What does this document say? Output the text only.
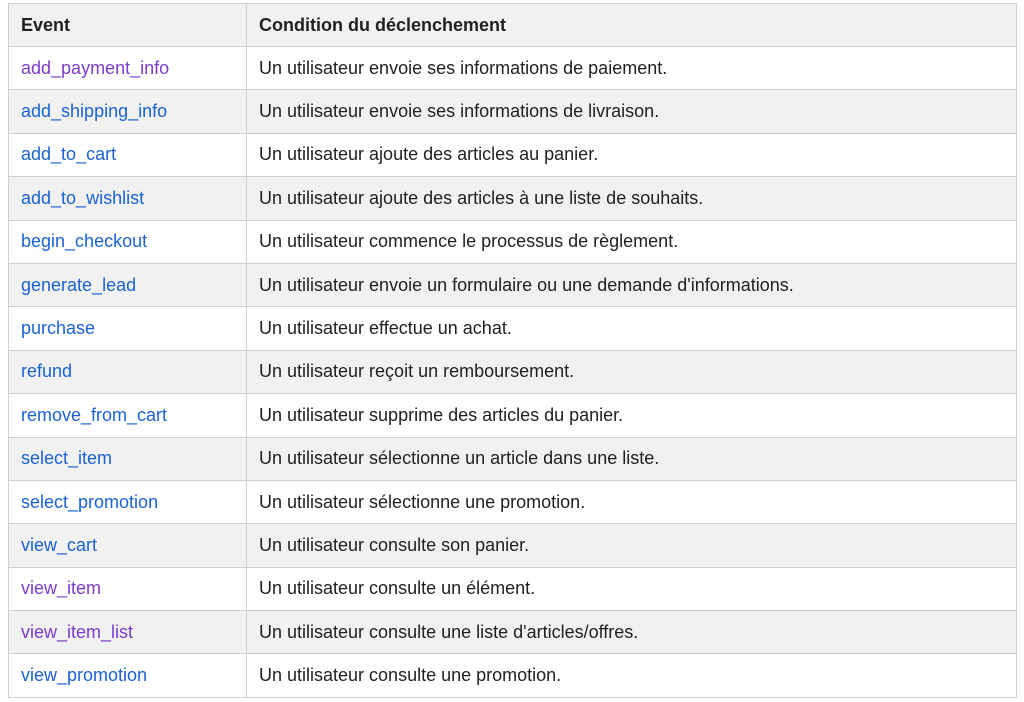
Event	Condition du déclenchement
add_payment_info	Un utilisateur envoie ses informations de paiement.
add_shipping_info	Un utilisateur envoie ses informations de livraison.
add_to_cart	Un utilisateur ajoute des articles au panier.
add_to_wishlist	Un utilisateur ajoute des articles à une liste de souhaits.
begin_checkout	Un utilisateur commence le processus de règlement.
generate_lead	Un utilisateur envoie un formulaire ou une demande d'informations.
purchase	Un utilisateur effectue un achat.
refund	Un utilisateur reçoit un remboursement.
remove_from_cart	Un utilisateur supprime des articles du panier.
select_item	Un utilisateur sélectionne un article dans une liste.
select_promotion	Un utilisateur sélectionne une promotion.
view_cart	Un utilisateur consulte son panier.
view_item	Un utilisateur consulte un élément.
view_item_list	Un utilisateur consulte une liste d'articles/offres.
view_promotion	Un utilisateur consulte une promotion.
